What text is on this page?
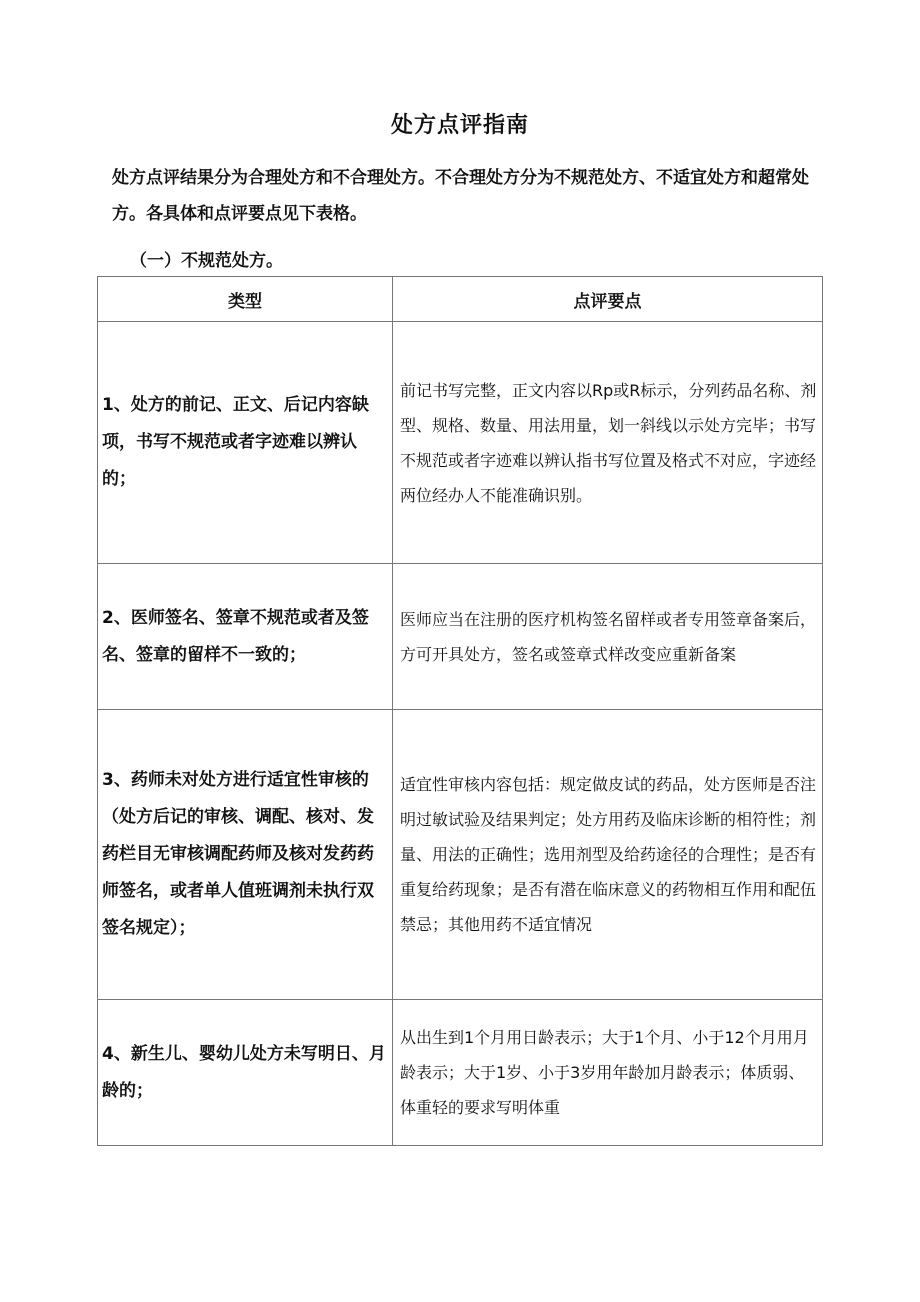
处方点评指南
处方点评结果分为合理处方和不合理处方。不合理处方分为不规范处方、不适宜处方和超常处方。各具体和点评要点见下表格。
（一）不规范处方。
类型	点评要点
1、处方的前记、正文、后记内容缺项，书写不规范或者字迹难以辨认的；	前记书写完整，正文内容以Rp或R标示，分列药品名称、剂型、规格、数量、用法用量，划一斜线以示处方完毕；书写不规范或者字迹难以辨认指书写位置及格式不对应，字迹经两位经办人不能准确识别。
2、医师签名、签章不规范或者及签名、签章的留样不一致的；	医师应当在注册的医疗机构签名留样或者专用签章备案后，方可开具处方，签名或签章式样改变应重新备案
3、药师未对处方进行适宜性审核的（处方后记的审核、调配、核对、发药栏目无审核调配药师及核对发药药师签名，或者单人值班调剂未执行双签名规定）；	适宜性审核内容包括：规定做皮试的药品，处方医师是否注明过敏试验及结果判定；处方用药及临床诊断的相符性；剂量、用法的正确性；选用剂型及给药途径的合理性；是否有重复给药现象；是否有潜在临床意义的药物相互作用和配伍禁忌；其他用药不适宜情况
4、新生儿、婴幼儿处方未写明日、月龄的；	从出生到1个月用日龄表示；大于1个月、小于12个月用月龄表示；大于1岁、小于3岁用年龄加月龄表示；体质弱、体重轻的要求写明体重
